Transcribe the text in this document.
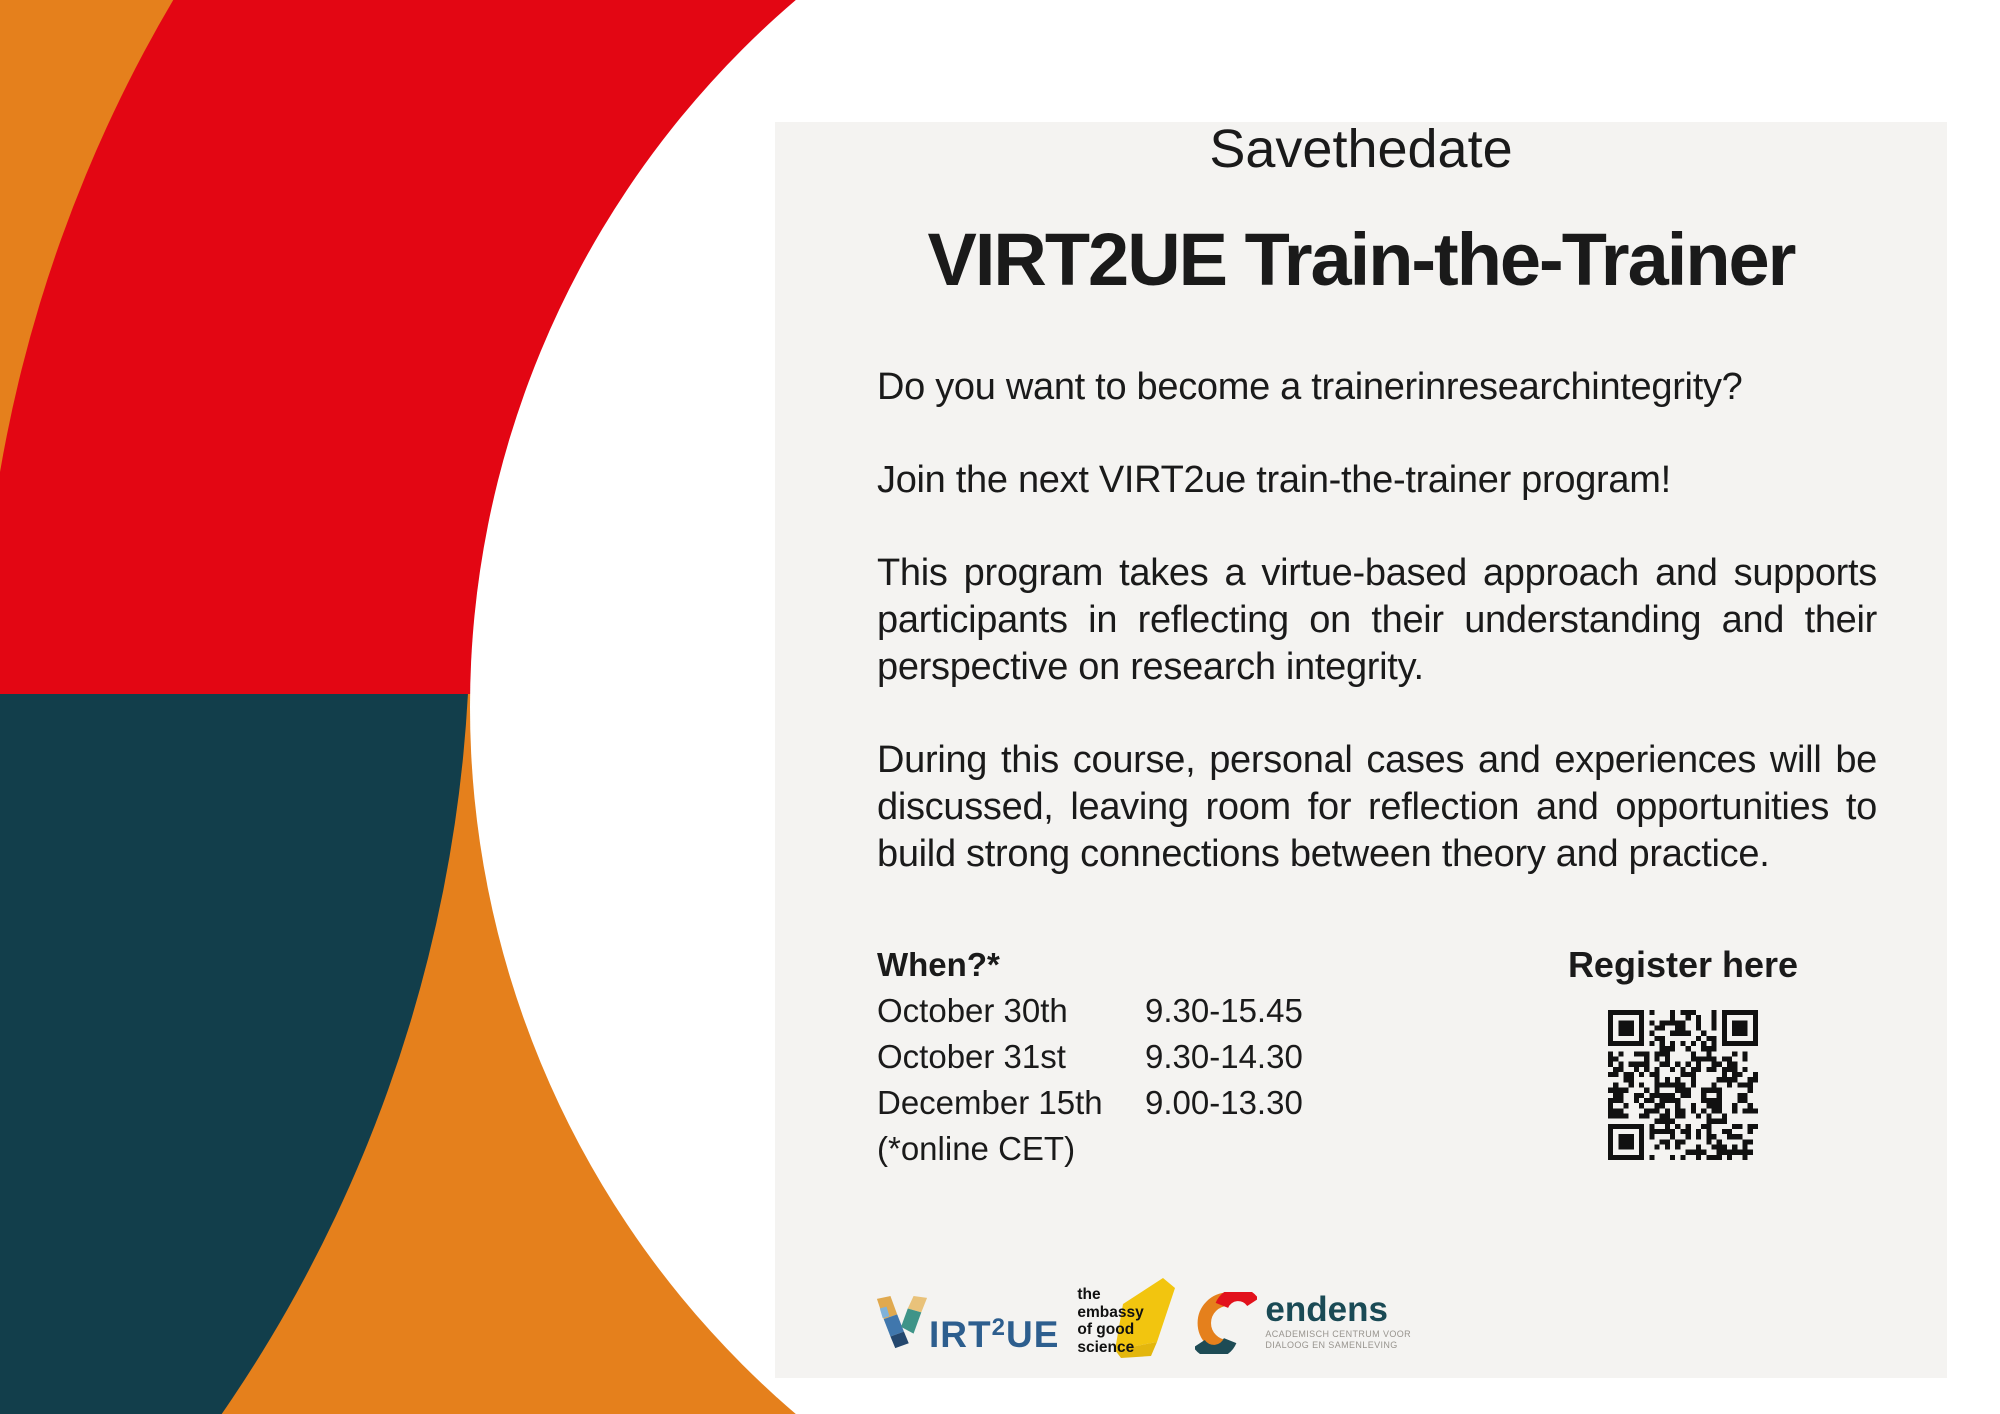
Savethedate
VIRT2UE Train-the-Trainer

Do you want to become a trainerinresearchintegrity?

Join the next VIRT2ue train-the-trainer program!

This program takes a virtue-based approach and supports participants in reflecting on their understanding and their perspective on research integrity.

During this course, personal cases and experiences will be discussed, leaving room for reflection and opportunities to build strong connections between theory and practice.

When?*
October 30th	9.30-15.45
October 31st	9.30-14.30
December 15th	9.00-13.30
(*online CET)
Register here
IRT$^2$UE
the
embassy
of good
science
endens
ACADEMISCH CENTRUM VOOR
DIALOOG EN SAMENLEVING
